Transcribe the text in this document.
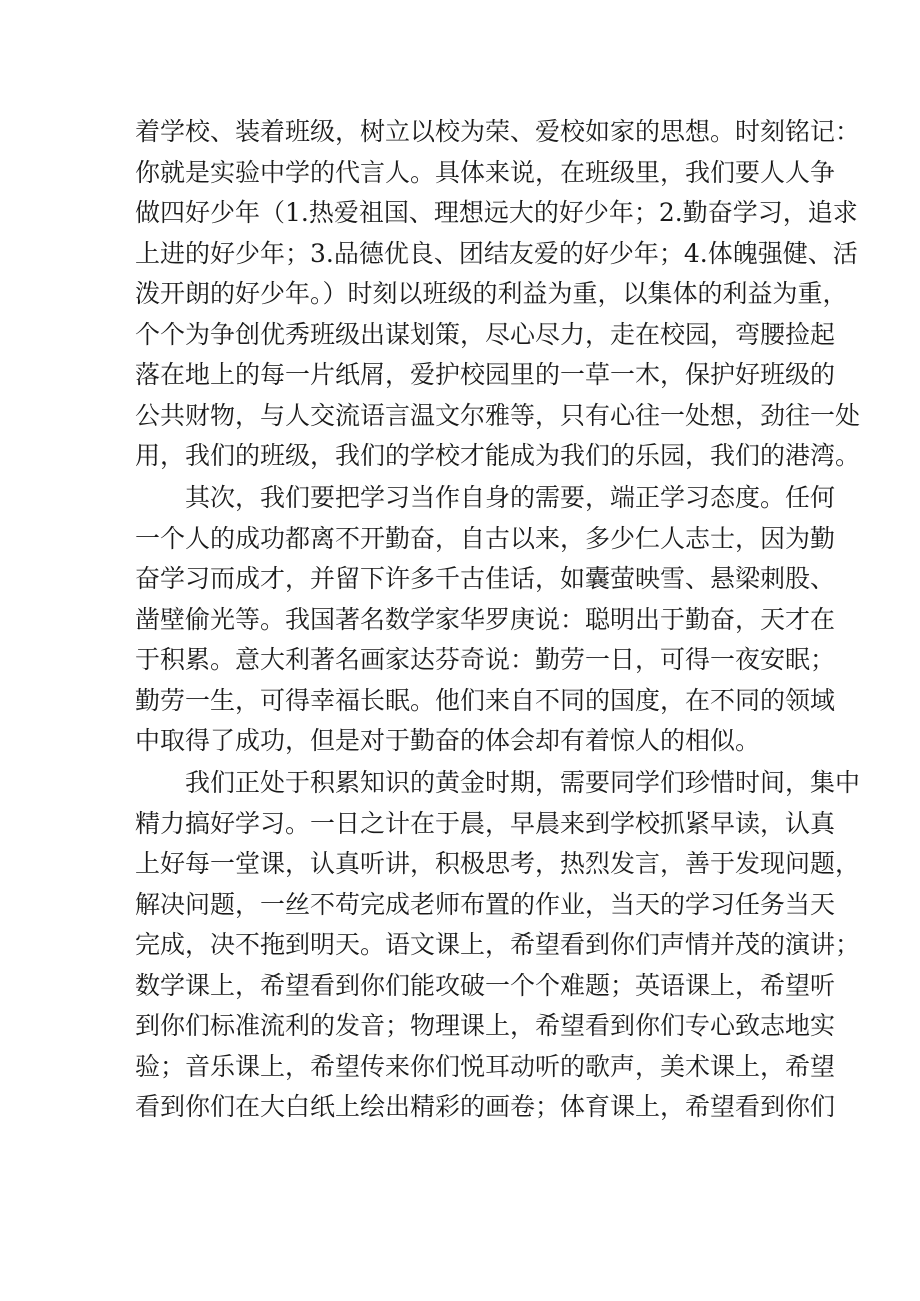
着学校、装着班级，树立以校为荣、爱校如家的思想。时刻铭记：
你就是实验中学的代言人。具体来说，在班级里，我们要人人争
做四好少年（1.热爱祖国、理想远大的好少年；2.勤奋学习，追求
上进的好少年；3.品德优良、团结友爱的好少年；4.体魄强健、活
泼开朗的好少年。）时刻以班级的利益为重，以集体的利益为重，
个个为争创优秀班级出谋划策，尽心尽力，走在校园，弯腰捡起
落在地上的每一片纸屑，爱护校园里的一草一木，保护好班级的
公共财物，与人交流语言温文尔雅等，只有心往一处想，劲往一处
用，我们的班级，我们的学校才能成为我们的乐园，我们的港湾。
其次，我们要把学习当作自身的需要，端正学习态度。任何
一个人的成功都离不开勤奋，自古以来，多少仁人志士，因为勤
奋学习而成才，并留下许多千古佳话，如囊萤映雪、悬梁刺股、
凿壁偷光等。我国著名数学家华罗庚说：聪明出于勤奋，天才在
于积累。意大利著名画家达芬奇说：勤劳一日，可得一夜安眠；
勤劳一生，可得幸福长眠。他们来自不同的国度，在不同的领域
中取得了成功，但是对于勤奋的体会却有着惊人的相似。
我们正处于积累知识的黄金时期，需要同学们珍惜时间，集中
精力搞好学习。一日之计在于晨，早晨来到学校抓紧早读，认真
上好每一堂课，认真听讲，积极思考，热烈发言，善于发现问题，
解决问题，一丝不苟完成老师布置的作业，当天的学习任务当天
完成，决不拖到明天。语文课上，希望看到你们声情并茂的演讲；
数学课上，希望看到你们能攻破一个个难题；英语课上，希望听
到你们标准流利的发音；物理课上，希望看到你们专心致志地实
验；音乐课上，希望传来你们悦耳动听的歌声，美术课上，希望
看到你们在大白纸上绘出精彩的画卷；体育课上，希望看到你们
